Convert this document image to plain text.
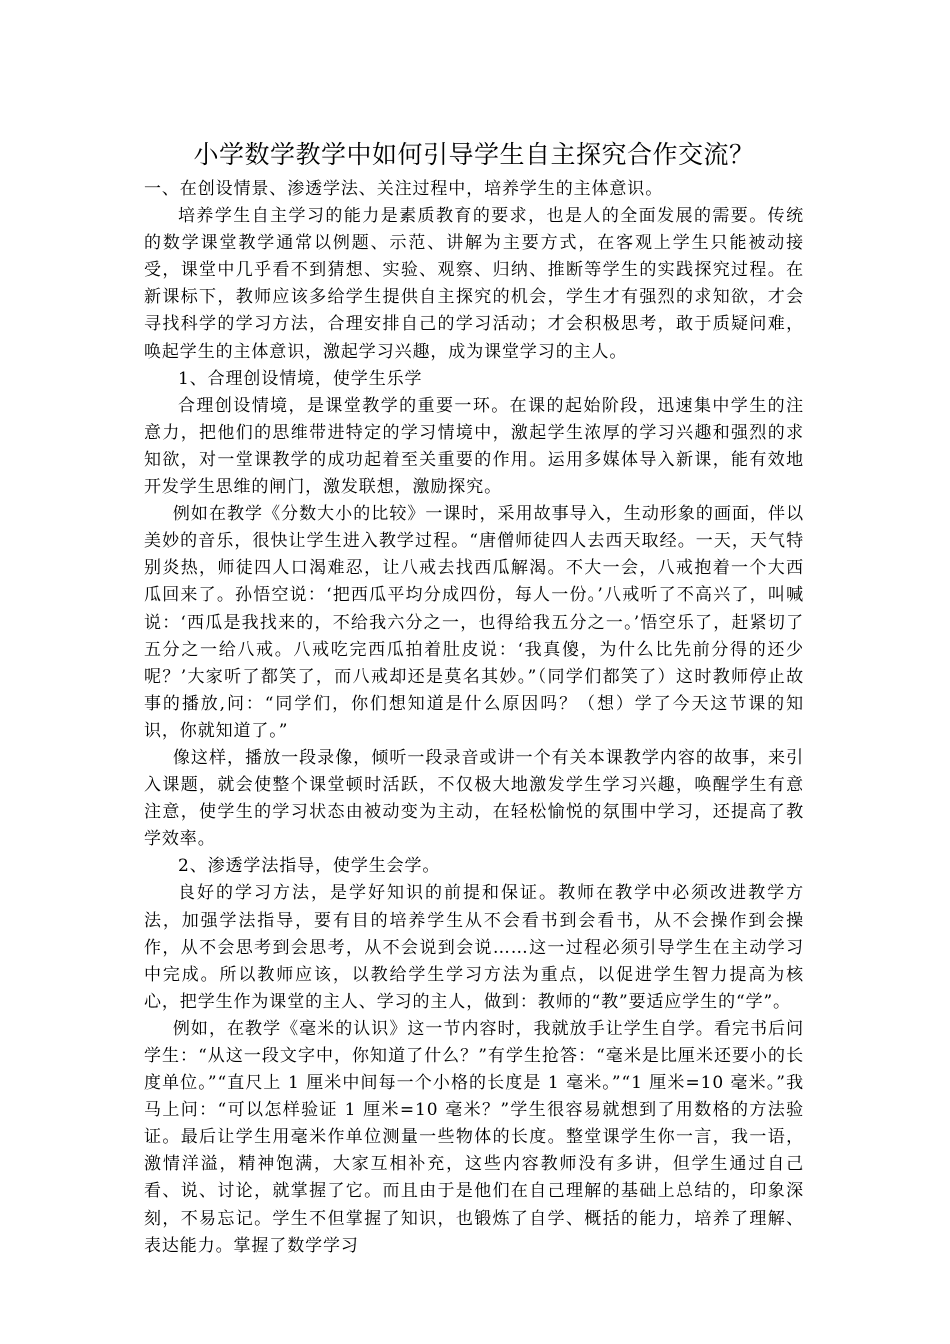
小学数学教学中如何引导学生自主探究合作交流？

一、在创设情景、渗透学法、关注过程中，培养学生的主体意识。

培养学生自主学习的能力是素质教育的要求，也是人的全面发展的需要。传统的数学课堂教学通常以例题、示范、讲解为主要方式，在客观上学生只能被动接受，课堂中几乎看不到猜想、实验、观察、归纳、推断等学生的实践探究过程。在新课标下，教师应该多给学生提供自主探究的机会，学生才有强烈的求知欲，才会寻找科学的学习方法，合理安排自己的学习活动；才会积极思考，敢于质疑问难，唤起学生的主体意识，激起学习兴趣，成为课堂学习的主人。

1、合理创设情境，使学生乐学

合理创设情境，是课堂教学的重要一环。在课的起始阶段，迅速集中学生的注意力，把他们的思维带进特定的学习情境中，激起学生浓厚的学习兴趣和强烈的求知欲，对一堂课教学的成功起着至关重要的作用。运用多媒体导入新课，能有效地开发学生思维的闸门，激发联想，激励探究。

例如在教学《分数大小的比较》一课时，采用故事导入，生动形象的画面，伴以美妙的音乐，很快让学生进入教学过程。“唐僧师徒四人去西天取经。一天，天气特别炎热，师徒四人口渴难忍，让八戒去找西瓜解渴。不大一会，八戒抱着一个大西瓜回来了。孙悟空说：‘把西瓜平均分成四份，每人一份。’八戒听了不高兴了，叫喊说：‘西瓜是我找来的，不给我六分之一，也得给我五分之一。’悟空乐了，赶紧切了五分之一给八戒。八戒吃完西瓜拍着肚皮说：‘我真傻，为什么比先前分得的还少呢？’大家听了都笑了，而八戒却还是莫名其妙。”（同学们都笑了）这时教师停止故事的播放,问：“同学们，你们想知道是什么原因吗？（想）学了今天这节课的知识，你就知道了。”

像这样，播放一段录像，倾听一段录音或讲一个有关本课教学内容的故事，来引入课题，就会使整个课堂顿时活跃，不仅极大地激发学生学习兴趣，唤醒学生有意注意，使学生的学习状态由被动变为主动，在轻松愉悦的氛围中学习，还提高了教学效率。

2、渗透学法指导，使学生会学。

良好的学习方法，是学好知识的前提和保证。教师在教学中必须改进教学方法，加强学法指导，要有目的培养学生从不会看书到会看书，从不会操作到会操作，从不会思考到会思考，从不会说到会说……这一过程必须引导学生在主动学习中完成。所以教师应该，以教给学生学习方法为重点，以促进学生智力提高为核心，把学生作为课堂的主人、学习的主人，做到：教师的“教”要适应学生的“学”。

例如，在教学《毫米的认识》这一节内容时，我就放手让学生自学。看完书后问学生：“从这一段文字中，你知道了什么？”有学生抢答：“毫米是比厘米还要小的长度单位。”“直尺上 1 厘米中间每一个小格的长度是 1 毫米。”“1 厘米=10 毫米。”我马上问：“可以怎样验证 1 厘米=10 毫米？”学生很容易就想到了用数格的方法验证。最后让学生用毫米作单位测量一些物体的长度。整堂课学生你一言，我一语，激情洋溢，精神饱满，大家互相补充，这些内容教师没有多讲，但学生通过自己看、说、讨论，就掌握了它。而且由于是他们在自己理解的基础上总结的，印象深刻，不易忘记。学生不但掌握了知识，也锻炼了自学、概括的能力，培养了理解、表达能力。掌握了数学学习
